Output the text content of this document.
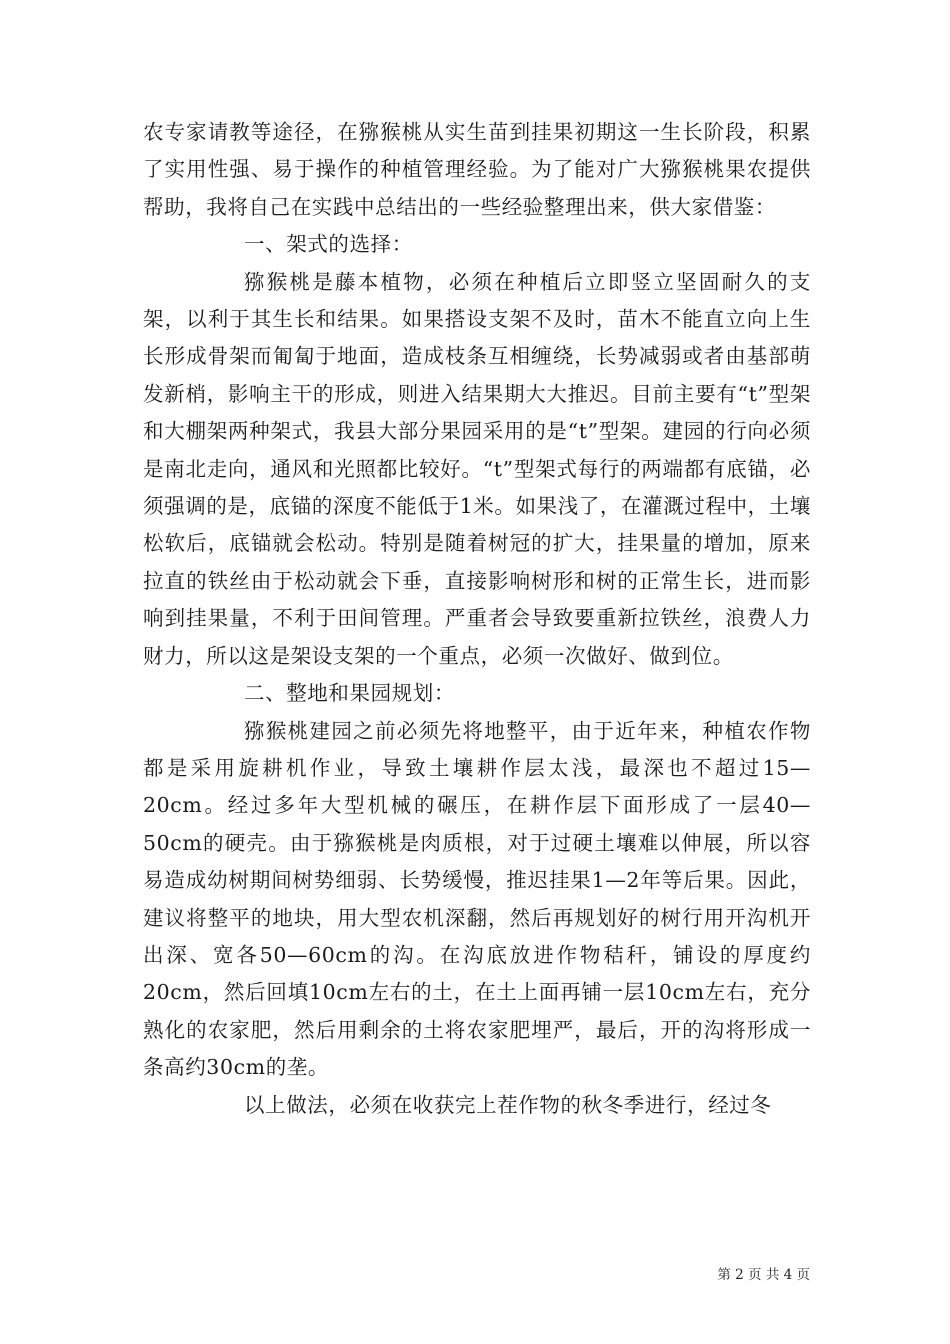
农专家请教等途径，在猕猴桃从实生苗到挂果初期这一生长阶段，积累了实用性强、易于操作的种植管理经验。为了能对广大猕猴桃果农提供帮助，我将自己在实践中总结出的一些经验整理出来，供大家借鉴：

一、架式的选择：

猕猴桃是藤本植物，必须在种植后立即竖立坚固耐久的支架，以利于其生长和结果。如果搭设支架不及时，苗木不能直立向上生长形成骨架而匍匐于地面，造成枝条互相缠绕，长势减弱或者由基部萌发新梢，影响主干的形成，则进入结果期大大推迟。目前主要有“t”型架和大棚架两种架式，我县大部分果园采用的是“t”型架。建园的行向必须是南北走向，通风和光照都比较好。“t”型架式每行的两端都有底锚，必须强调的是，底锚的深度不能低于1米。如果浅了，在灌溉过程中，土壤松软后，底锚就会松动。特别是随着树冠的扩大，挂果量的增加，原来拉直的铁丝由于松动就会下垂，直接影响树形和树的正常生长，进而影响到挂果量，不利于田间管理。严重者会导致要重新拉铁丝，浪费人力财力，所以这是架设支架的一个重点，必须一次做好、做到位。

二、整地和果园规划：

猕猴桃建园之前必须先将地整平，由于近年来，种植农作物都是采用旋耕机作业，导致土壤耕作层太浅，最深也不超过15—20cm。经过多年大型机械的碾压，在耕作层下面形成了一层40—50cm的硬壳。由于猕猴桃是肉质根，对于过硬土壤难以伸展，所以容易造成幼树期间树势细弱、长势缓慢，推迟挂果1—2年等后果。因此，建议将整平的地块，用大型农机深翻，然后再规划好的树行用开沟机开出深、宽各50—60cm的沟。在沟底放进作物秸秆，铺设的厚度约20cm，然后回填10cm左右的土，在土上面再铺一层10cm左右，充分熟化的农家肥，然后用剩余的土将农家肥埋严，最后，开的沟将形成一条高约30cm的垄。

以上做法，必须在收获完上茬作物的秋冬季进行，经过冬

第 2 页 共 4 页
